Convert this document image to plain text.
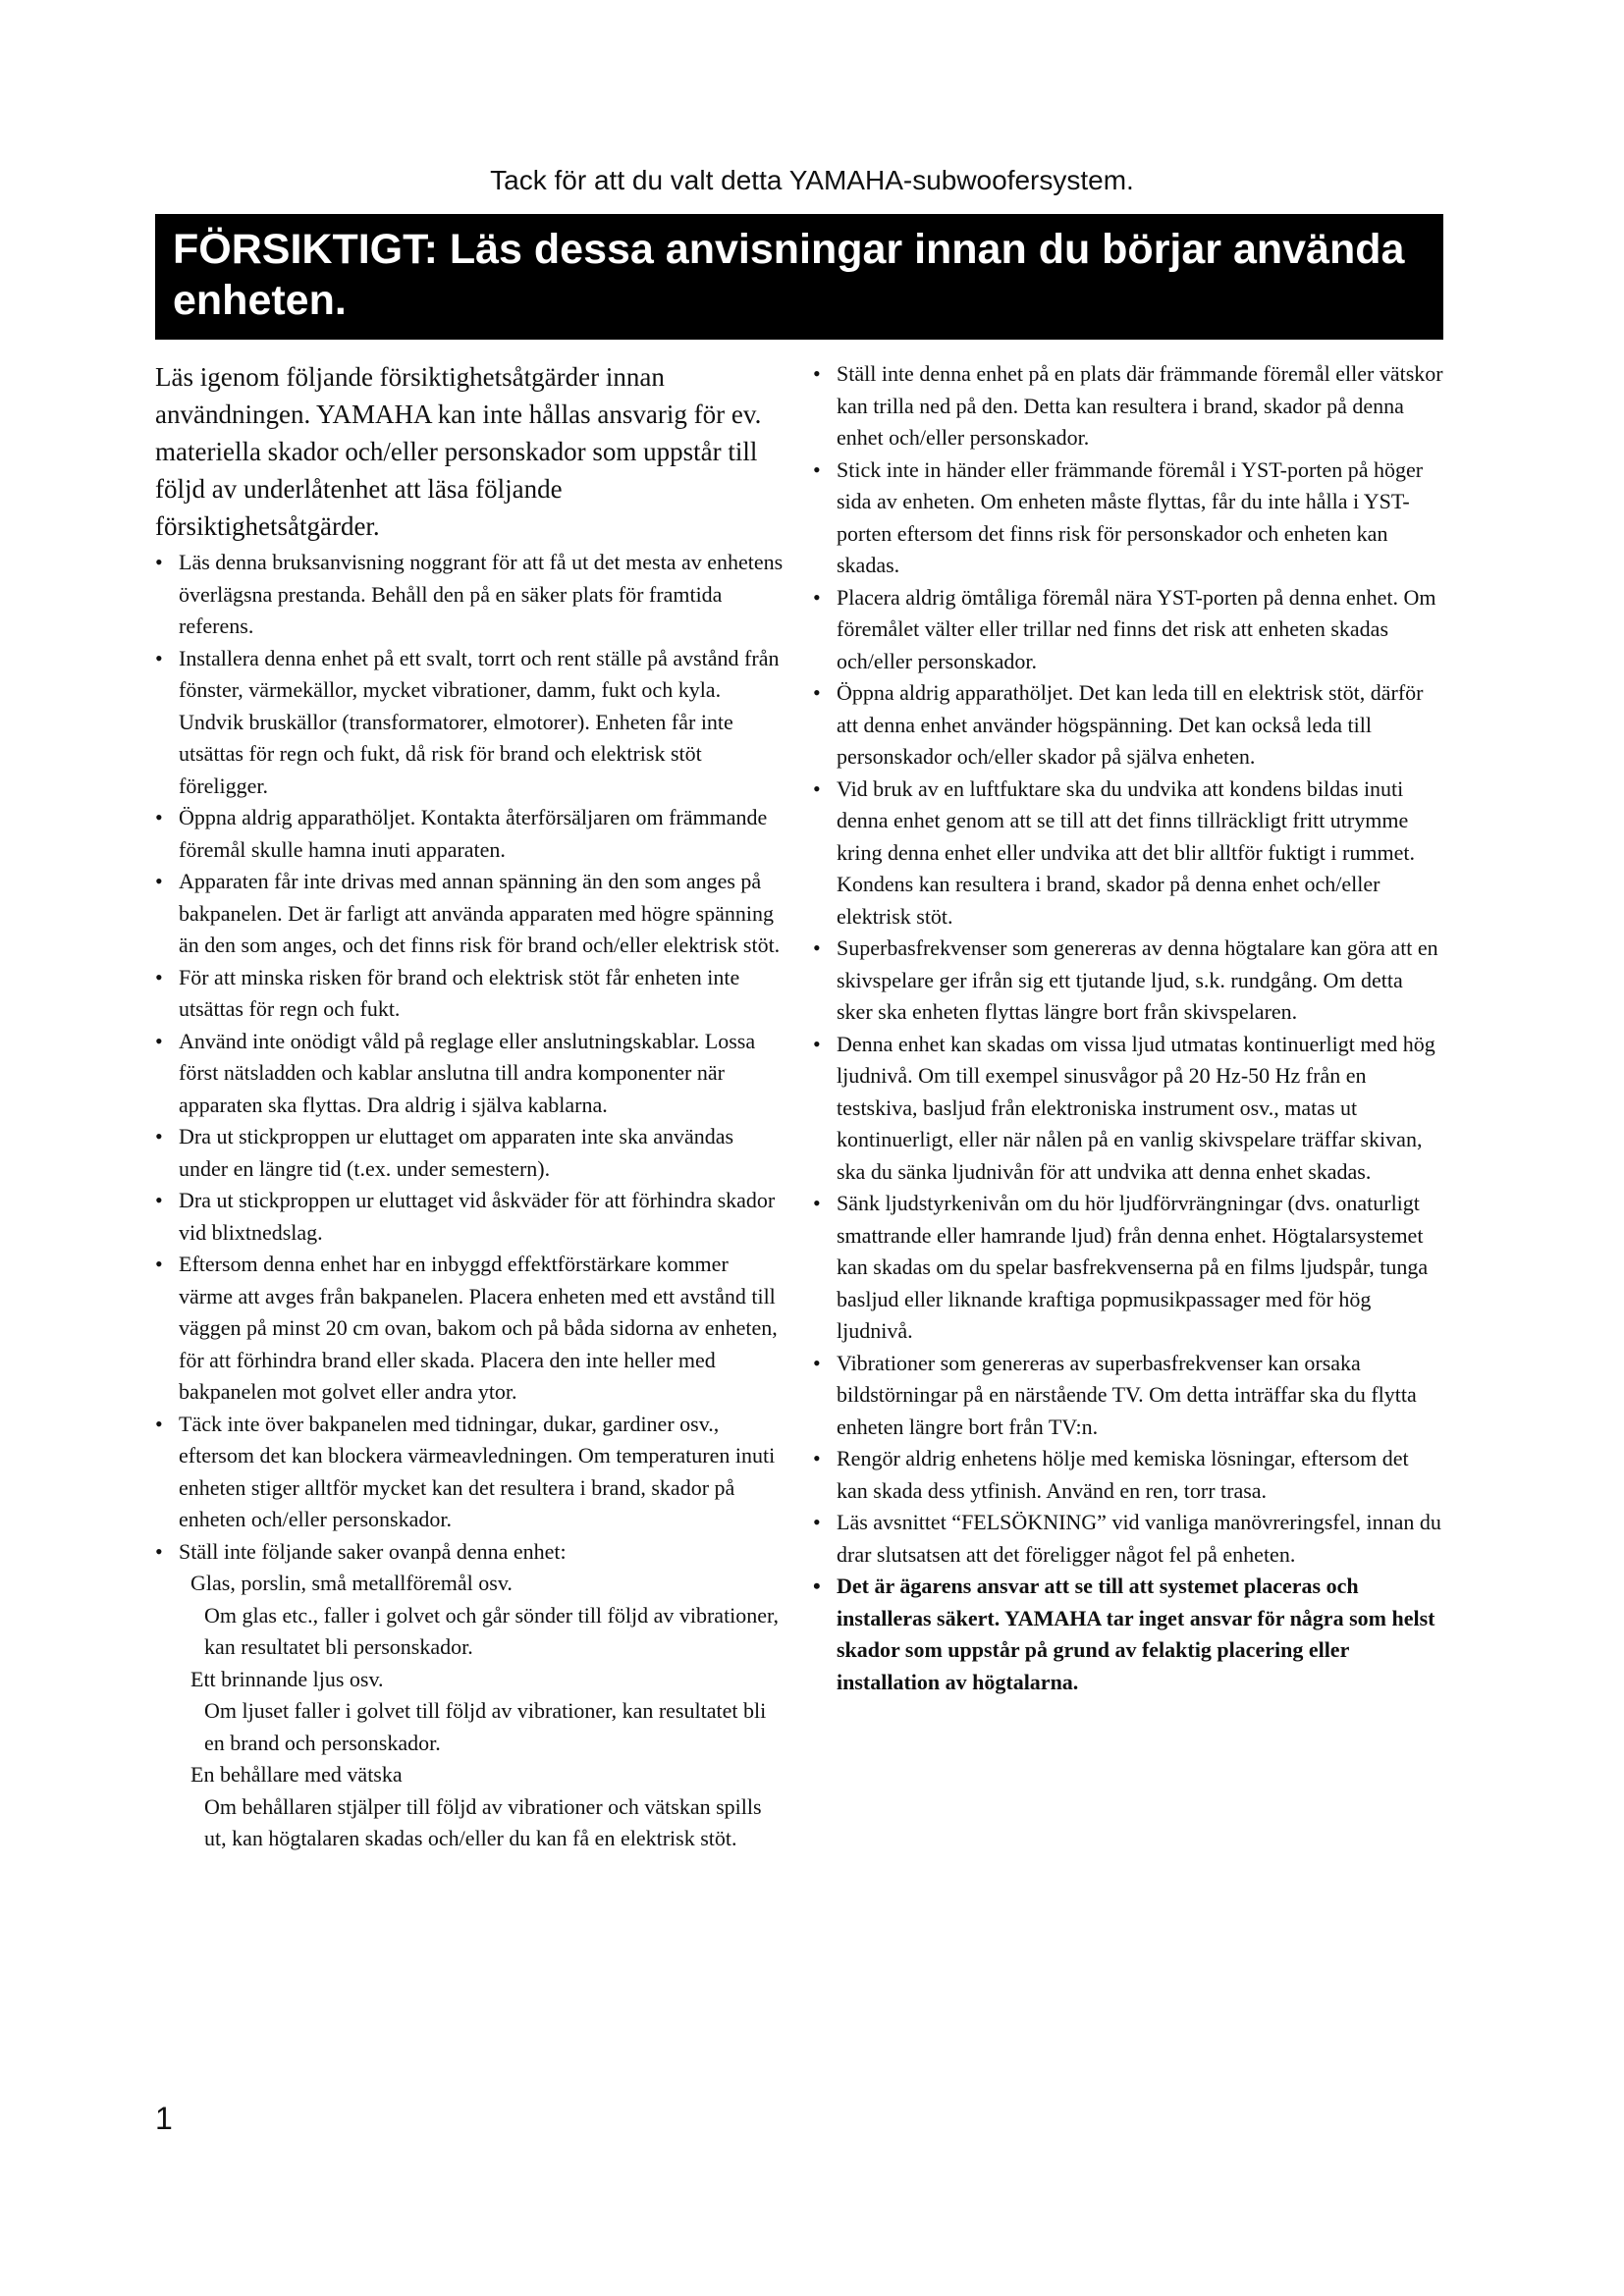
Tack för att du valt detta YAMAHA-subwoofersystem.
FÖRSIKTIGT: Läs dessa anvisningar innan du börjar använda enheten.

Läs igenom följande försiktighetsåtgärder innan användningen. YAMAHA kan inte hållas ansvarig för ev. materiella skador och/eller personskador som uppstår till följd av underlåtenhet att läsa följande försiktighetsåtgärder.

• Läs denna bruksanvisning noggrant för att få ut det mesta av enhetens överlägsna prestanda. Behåll den på en säker plats för framtida referens.
• Installera denna enhet på ett svalt, torrt och rent ställe på avstånd från fönster, värmekällor, mycket vibrationer, damm, fukt och kyla. Undvik bruskällor (transformatorer, elmotorer). Enheten får inte utsättas för regn och fukt, då risk för brand och elektrisk stöt föreligger.
• Öppna aldrig apparathöljet. Kontakta återförsäljaren om främmande föremål skulle hamna inuti apparaten.
• Apparaten får inte drivas med annan spänning än den som anges på bakpanelen. Det är farligt att använda apparaten med högre spänning än den som anges, och det finns risk för brand och/eller elektrisk stöt.
• För att minska risken för brand och elektrisk stöt får enheten inte utsättas för regn och fukt.
• Använd inte onödigt våld på reglage eller anslutningskablar. Lossa först nätsladden och kablar anslutna till andra komponenter när apparaten ska flyttas. Dra aldrig i själva kablarna.
• Dra ut stickproppen ur eluttaget om apparaten inte ska användas under en längre tid (t.ex. under semestern).
• Dra ut stickproppen ur eluttaget vid åskväder för att förhindra skador vid blixtnedslag.
• Eftersom denna enhet har en inbyggd effektförstärkare kommer värme att avges från bakpanelen. Placera enheten med ett avstånd till väggen på minst 20 cm ovan, bakom och på båda sidorna av enheten, för att förhindra brand eller skada. Placera den inte heller med bakpanelen mot golvet eller andra ytor.
• Täck inte över bakpanelen med tidningar, dukar, gardiner osv., eftersom det kan blockera värmeavledningen. Om temperaturen inuti enheten stiger alltför mycket kan det resultera i brand, skador på enheten och/eller personskador.
• Ställ inte följande saker ovanpå denna enhet:
Glas, porslin, små metallföremål osv.
Om glas etc., faller i golvet och går sönder till följd av vibrationer, kan resultatet bli personskador.
Ett brinnande ljus osv.
Om ljuset faller i golvet till följd av vibrationer, kan resultatet bli en brand och personskador.
En behållare med vätska
Om behållaren stjälper till följd av vibrationer och vätskan spills ut, kan högtalaren skadas och/eller du kan få en elektrisk stöt.
• Ställ inte denna enhet på en plats där främmande föremål eller vätskor kan trilla ned på den. Detta kan resultera i brand, skador på denna enhet och/eller personskador.
• Stick inte in händer eller främmande föremål i YST-porten på höger sida av enheten. Om enheten måste flyttas, får du inte hålla i YST-porten eftersom det finns risk för personskador och enheten kan skadas.
• Placera aldrig ömtåliga föremål nära YST-porten på denna enhet. Om föremålet välter eller trillar ned finns det risk att enheten skadas och/eller personskador.
• Öppna aldrig apparathöljet. Det kan leda till en elektrisk stöt, därför att denna enhet använder högspänning. Det kan också leda till personskador och/eller skador på själva enheten.
• Vid bruk av en luftfuktare ska du undvika att kondens bildas inuti denna enhet genom att se till att det finns tillräckligt fritt utrymme kring denna enhet eller undvika att det blir alltför fuktigt i rummet. Kondens kan resultera i brand, skador på denna enhet och/eller elektrisk stöt.
• Superbasfrekvenser som genereras av denna högtalare kan göra att en skivspelare ger ifrån sig ett tjutande ljud, s.k. rundgång. Om detta sker ska enheten flyttas längre bort från skivspelaren.
• Denna enhet kan skadas om vissa ljud utmatas kontinuerligt med hög ljudnivå. Om till exempel sinusvågor på 20 Hz-50 Hz från en testskiva, basljud från elektroniska instrument osv., matas ut kontinuerligt, eller när nålen på en vanlig skivspelare träffar skivan, ska du sänka ljudnivån för att undvika att denna enhet skadas.
• Sänk ljudstyrkenivån om du hör ljudförvrängningar (dvs. onaturligt smattrande eller hamrande ljud) från denna enhet. Högtalarsystemet kan skadas om du spelar basfrekvenserna på en films ljudspår, tunga basljud eller liknande kraftiga popmusikpassager med för hög ljudnivå.
• Vibrationer som genereras av superbasfrekvenser kan orsaka bildstörningar på en närstående TV. Om detta inträffar ska du flytta enheten längre bort från TV:n.
• Rengör aldrig enhetens hölje med kemiska lösningar, eftersom det kan skada dess ytfinish. Använd en ren, torr trasa.
• Läs avsnittet “FELSÖKNING” vid vanliga manövreringsfel, innan du drar slutsatsen att det föreligger något fel på enheten.
• Det är ägarens ansvar att se till att systemet placeras och installeras säkert. YAMAHA tar inget ansvar för några som helst skador som uppstår på grund av felaktig placering eller installation av högtalarna.
1
